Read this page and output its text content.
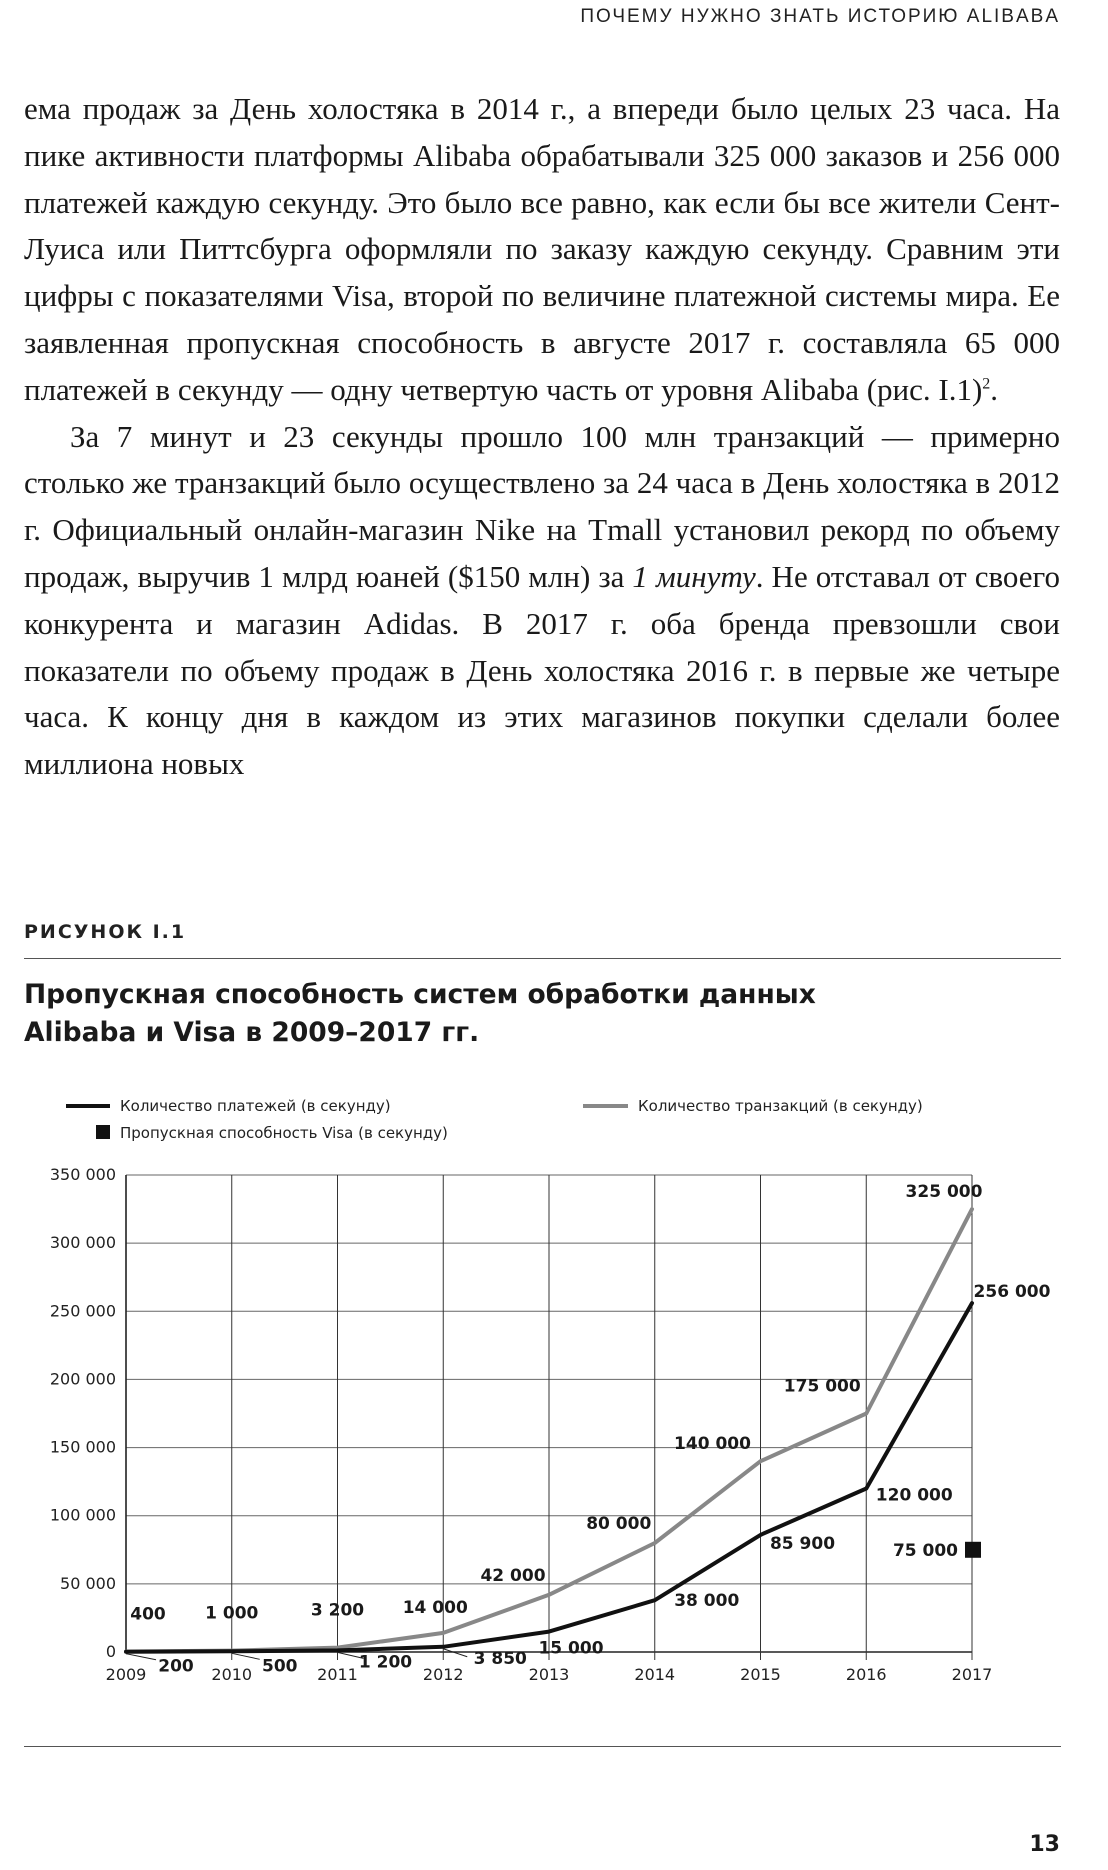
ПОЧЕМУ НУЖНО ЗНАТЬ ИСТОРИЮ ALIBABA

ема продаж за День холостяка в 2014 г., а впереди было целых 23 часа. На пике активности платформы Alibaba обрабатывали 325 000 заказов и 256 000 платежей каждую секунду. Это было все равно, как если бы все жители Сент-Луиса или Питтсбурга оформляли по заказу каждую секунду. Сравним эти цифры с показателями Visa, второй по величине платежной системы мира. Ее заявленная пропускная способность в августе 2017 г. составляла 65 000 платежей в секунду — одну четвертую часть от уровня Alibaba (рис. I.1)$^2$.

За 7 минут и 23 секунды прошло 100 млн транзакций — примерно столько же транзакций было осуществлено за 24 часа в День холостяка в 2012 г. Официальный онлайн-магазин Nike на Tmall установил рекорд по объему продаж, выручив 1 млрд юаней ($150 млн) за 1 минуту. Не отставал от своего конкурента и магазин Adidas. В 2017 г. оба бренда превзошли свои показатели по объему продаж в День холостяка 2016 г. в первые же четыре часа. К концу дня в каждом из этих магазинов покупки сделали более миллиона новых

РИСУНОК I.1
Пропускная способность систем обработки данных
Alibaba и Visa в 2009–2017 гг.
0
50 000
100 000
150 000
200 000
250 000
300 000
350 000
2009	2010	2011	2012	2013	2014	2015	2016	2017
400 1 000	3 200 14 000
42 000
80 000
140 000
175 000
325 000
200	500	1 200	3 850
15 000
38 000
85 900
120 000
256 000
75 000
Количество платежей (в секунду)	Количество транзакций (в секунду)
Пропускная способность Visa (в секунду)
13
